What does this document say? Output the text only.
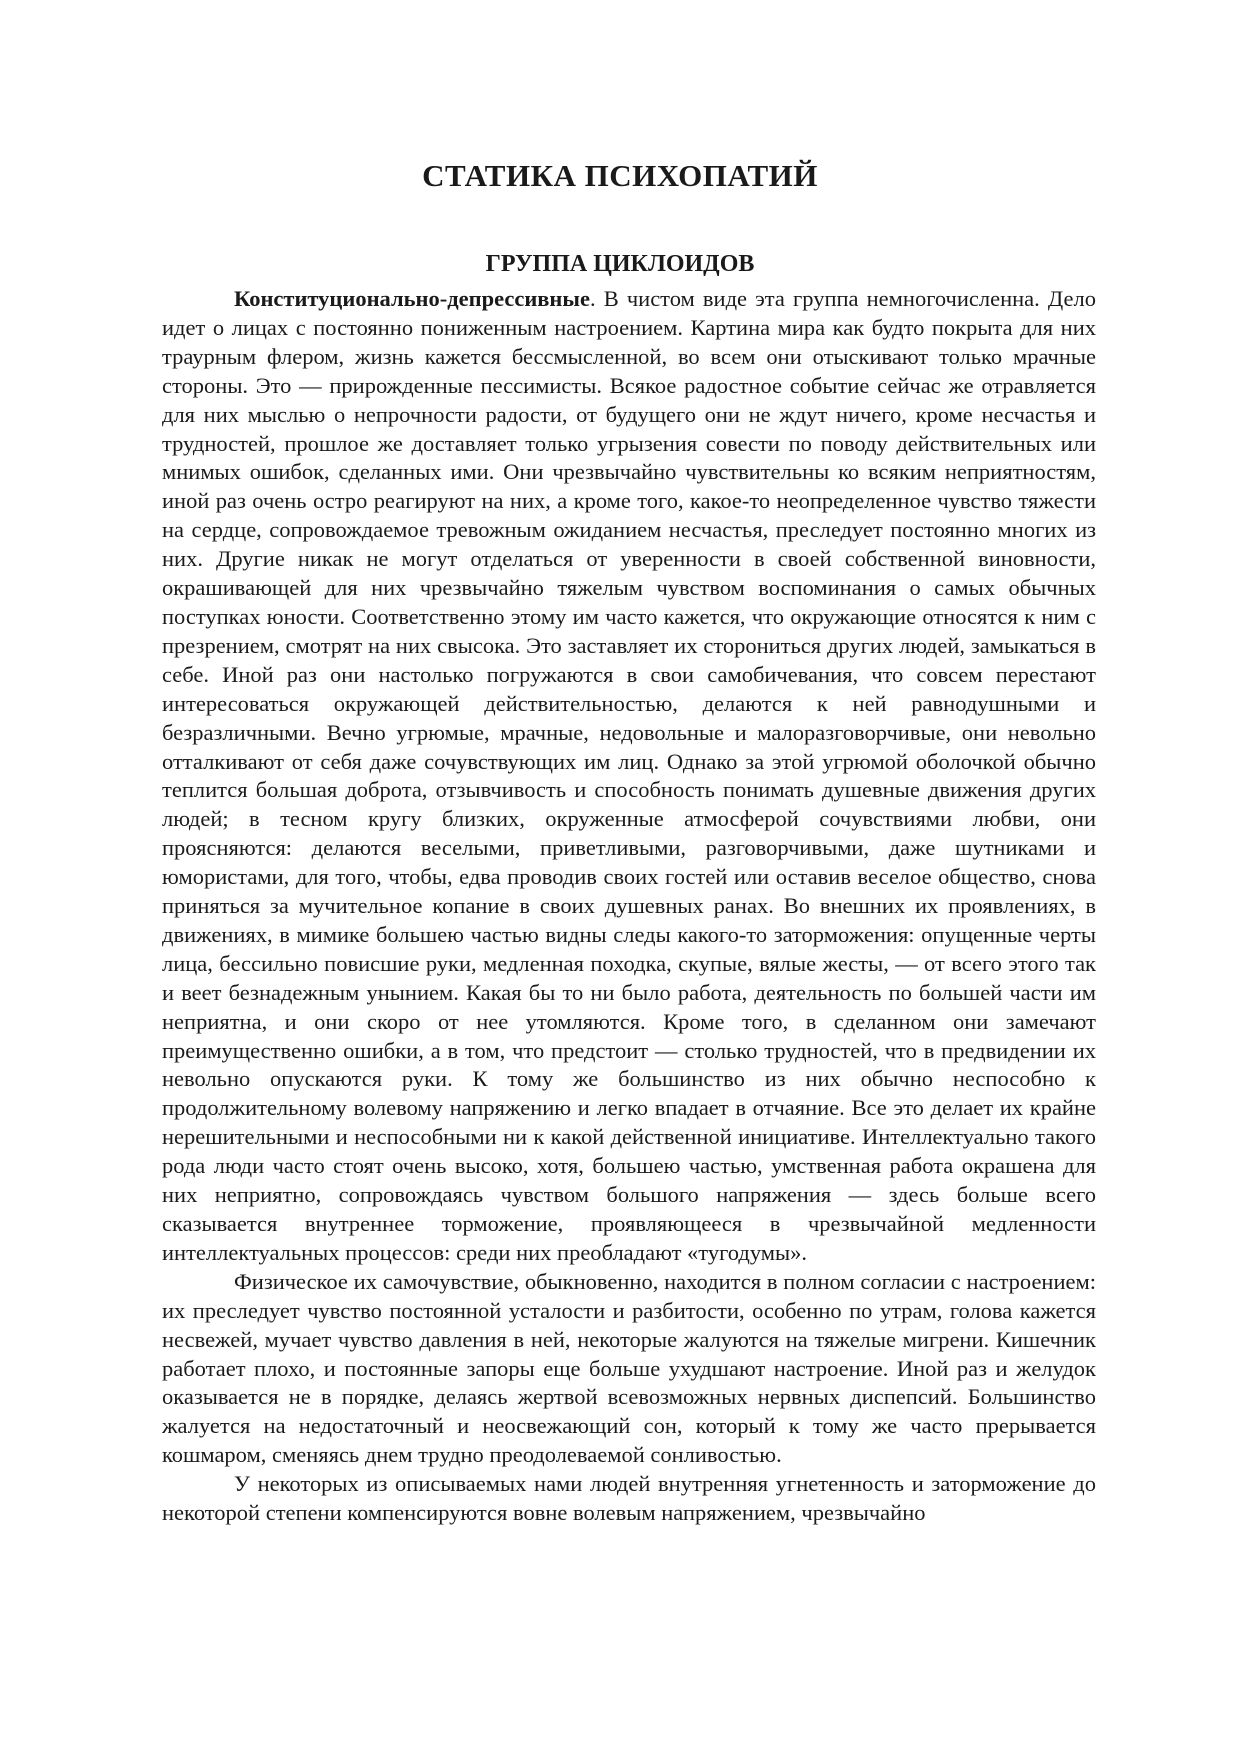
СТАТИКА ПСИХОПАТИЙ
ГРУППА ЦИКЛОИДОВ

Конституционально-депрессивные. В чистом виде эта группа немногочисленна. Дело идет о лицах с постоянно пониженным настроением. Картина мира как будто покрыта для них траурным флером, жизнь кажется бессмысленной, во всем они отыскивают только мрачные стороны. Это — прирожденные пессимисты. Всякое радостное событие сейчас же отравляется для них мыслью о непрочности радости, от будущего они не ждут ничего, кроме несчастья и трудностей, прошлое же доставляет только угрызения совести по поводу действительных или мнимых ошибок, сделанных ими. Они чрезвычайно чувствительны ко всяким неприятностям, иной раз очень остро реагируют на них, а кроме того, какое-то неопределенное чувство тяжести на сердце, сопровождаемое тревожным ожиданием несчастья, преследует постоянно многих из них. Другие никак не могут отделаться от уверенности в своей собственной виновности, окрашивающей для них чрезвычайно тяжелым чувством воспоминания о самых обычных поступках юности. Соответственно этому им часто кажется, что окружающие относятся к ним с презрением, смотрят на них свысока. Это заставляет их сторониться других людей, замыкаться в себе. Иной раз они настолько погружаются в свои самобичевания, что совсем перестают интересоваться окружающей действительностью, делаются к ней равнодушными и безразличными. Вечно угрюмые, мрачные, недовольные и малоразговорчивые, они невольно отталкивают от себя даже сочувствующих им лиц. Однако за этой угрюмой оболочкой обычно теплится большая доброта, отзывчивость и способность понимать душевные движения других людей; в тесном кругу близких, окруженные атмосферой сочувствиями любви, они проясняются: делаются веселыми, приветливыми, разговорчивыми, даже шутниками и юмористами, для того, чтобы, едва проводив своих гостей или оставив веселое общество, снова приняться за мучительное копание в своих душевных ранах. Во внешних их проявлениях, в движениях, в мимике большею частью видны следы какого-то заторможения: опущенные черты лица, бессильно повисшие руки, медленная походка, скупые, вялые жесты, — от всего этого так и веет безнадежным унынием. Какая бы то ни было работа, деятельность по большей части им неприятна, и они скоро от нее утомляются. Кроме того, в сделанном они замечают преимущественно ошибки, а в том, что предстоит — столько трудностей, что в предвидении их невольно опускаются руки. К тому же большинство из них обычно неспособно к продолжительному волевому напряжению и легко впадает в отчаяние. Все это делает их крайне нерешительными и неспособными ни к какой действенной инициативе. Интеллектуально такого рода люди часто стоят очень высоко, хотя, большею частью, умственная работа окрашена для них неприятно, сопровождаясь чувством большого напряжения — здесь больше всего сказывается внутреннее торможение, проявляющееся в чрезвычайной медленности интеллектуальных процессов: среди них преобладают «тугодумы».

Физическое их самочувствие, обыкновенно, находится в полном согласии с настроением: их преследует чувство постоянной усталости и разбитости, особенно по утрам, голова кажется несвежей, мучает чувство давления в ней, некоторые жалуются на тяжелые мигрени. Кишечник работает плохо, и постоянные запоры еще больше ухудшают настроение. Иной раз и желудок оказывается не в порядке, делаясь жертвой всевозможных нервных диспепсий. Большинство жалуется на недостаточный и неосвежающий сон, который к тому же часто прерывается кошмаром, сменяясь днем трудно преодолеваемой сонливостью.

У некоторых из описываемых нами людей внутренняя угнетенность и заторможение до некоторой степени компенсируются вовне волевым напряжением, чрезвычайно
